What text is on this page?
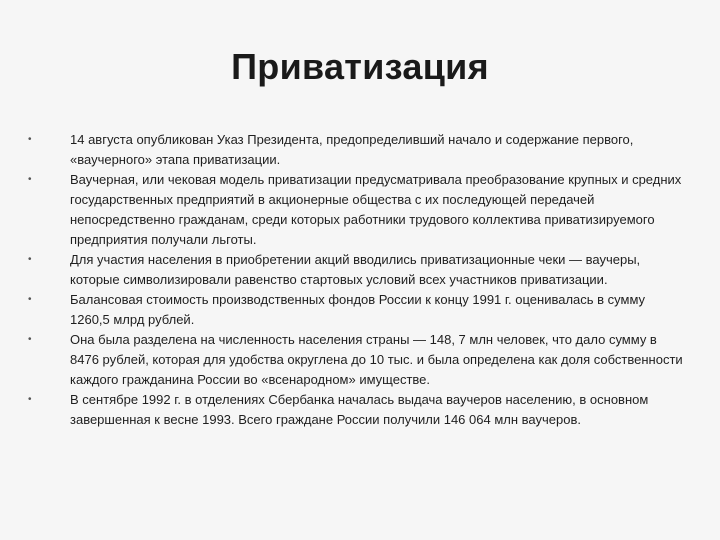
Приватизация
•	14 августа опубликован Указ Президента, предопределивший начало и содержание первого, «ваучерного» этапа приватизации.
•	Ваучерная, или чековая модель приватизации предусматривала преобразование крупных и средних государственных предприятий в акционерные общества с их последующей передачей непосредственно гражданам, среди которых работники трудового коллектива приватизируемого предприятия получали льготы.
•	Для участия населения в приобретении акций вводились приватизационные чеки — ваучеры, которые символизировали равенство стартовых условий всех участников приватизации.
•	Балансовая стоимость производственных фондов России к концу 1991 г. оценивалась в сумму 1260,5 млрд рублей.
•	Она была разделена на численность населения страны — 148, 7 млн человек, что дало сумму в 8476 рублей, которая для удобства округлена до 10 тыс. и была определена как доля собственности каждого гражданина России во «всенародном» имуществе.
•	В сентябре 1992 г. в отделениях Сбербанка началась выдача ваучеров населению, в основном завершенная к весне 1993. Всего граждане России получили 146 064 млн ваучеров.
